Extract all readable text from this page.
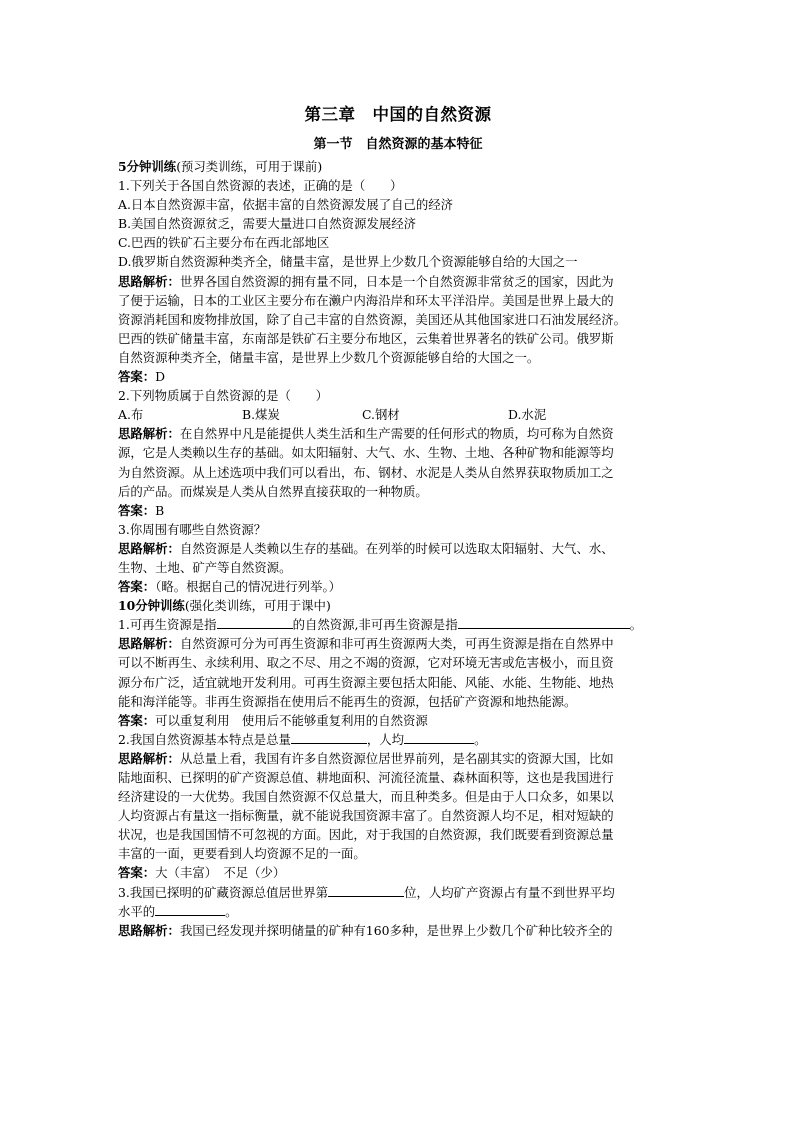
第三章　中国的自然资源
第一节　自然资源的基本特征

5分钟训练(预习类训练，可用于课前)

1.下列关于各国自然资源的表述，正确的是（　　）

A.日本自然资源丰富，依据丰富的自然资源发展了自己的经济

B.美国自然资源贫乏，需要大量进口自然资源发展经济

C.巴西的铁矿石主要分布在西北部地区

D.俄罗斯自然资源种类齐全，储量丰富，是世界上少数几个资源能够自给的大国之一

思路解析：世界各国自然资源的拥有量不同，日本是一个自然资源非常贫乏的国家，因此为

了便于运输，日本的工业区主要分布在濑户内海沿岸和环太平洋沿岸。美国是世界上最大的

资源消耗国和废物排放国，除了自己丰富的自然资源，美国还从其他国家进口石油发展经济。

巴西的铁矿储量丰富，东南部是铁矿石主要分布地区，云集着世界著名的铁矿公司。俄罗斯

自然资源种类齐全，储量丰富，是世界上少数几个资源能够自给的大国之一。

答案：D

2.下列物质属于自然资源的是（　　）

A.布	B.煤炭	C.钢材	D.水泥

思路解析：在自然界中凡是能提供人类生活和生产需要的任何形式的物质，均可称为自然资

源，它是人类赖以生存的基础。如太阳辐射、大气、水、生物、土地、各种矿物和能源等均

为自然资源。从上述选项中我们可以看出，布、钢材、水泥是人类从自然界获取物质加工之

后的产品。而煤炭是人类从自然界直接获取的一种物质。

答案：B

3.你周围有哪些自然资源？

思路解析：自然资源是人类赖以生存的基础。在列举的时候可以选取太阳辐射、大气、水、

生物、土地、矿产等自然资源。

答案：（略。根据自己的情况进行列举。）

10分钟训练(强化类训练，可用于课中)

1.可再生资源是指	的自然资源,非可再生资源是指	。

思路解析：自然资源可分为可再生资源和非可再生资源两大类，可再生资源是指在自然界中

可以不断再生、永续利用、取之不尽、用之不竭的资源，它对环境无害或危害极小，而且资

源分布广泛，适宜就地开发利用。可再生资源主要包括太阳能、风能、水能、生物能、地热

能和海洋能等。非再生资源指在使用后不能再生的资源，包括矿产资源和地热能源。

答案：可以重复利用　使用后不能够重复利用的自然资源

2.我国自然资源基本特点是总量	，人均	。

思路解析：从总量上看，我国有许多自然资源位居世界前列，是名副其实的资源大国，比如

陆地面积、已探明的矿产资源总值、耕地面积、河流径流量、森林面积等，这也是我国进行

经济建设的一大优势。我国自然资源不仅总量大，而且种类多。但是由于人口众多，如果以

人均资源占有量这一指标衡量，就不能说我国资源丰富了。自然资源人均不足，相对短缺的

状况，也是我国国情不可忽视的方面。因此，对于我国的自然资源，我们既要看到资源总量

丰富的一面，更要看到人均资源不足的一面。

答案：大（丰富）　不足（少）

3.我国已探明的矿藏资源总值居世界第	位，人均矿产资源占有量不到世界平均

水平的	。

思路解析：我国已经发现并探明储量的矿种有160多种，是世界上少数几个矿种比较齐全的
